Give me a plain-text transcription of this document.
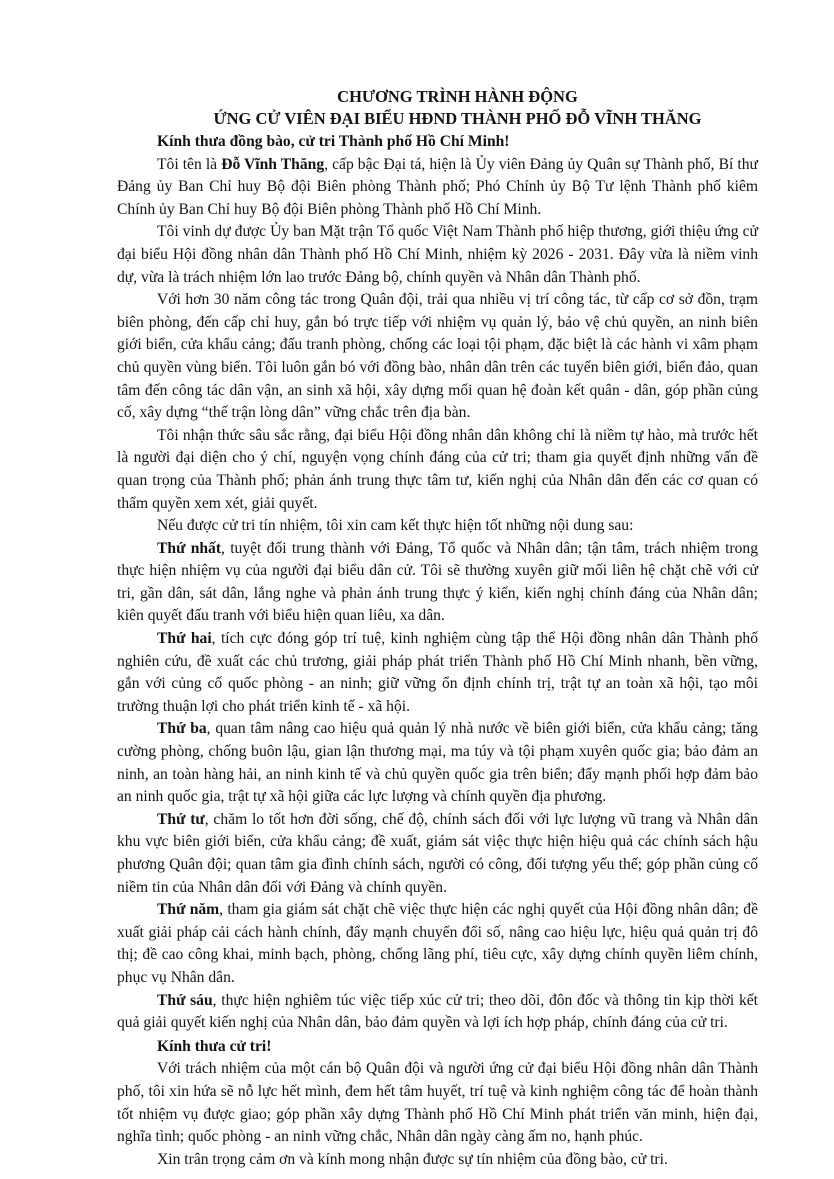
CHƯƠNG TRÌNH HÀNH ĐỘNG
ỨNG CỬ VIÊN ĐẠI BIỂU HĐND THÀNH PHỐ ĐỖ VĨNH THĂNG

Kính thưa đồng bào, cử tri Thành phố Hồ Chí Minh!

Tôi tên là Đỗ Vĩnh Thăng, cấp bậc Đại tá, hiện là Ủy viên Đảng ủy Quân sự Thành phố, Bí thư Đảng ủy Ban Chỉ huy Bộ đội Biên phòng Thành phố; Phó Chính ủy Bộ Tư lệnh Thành phố kiêm Chính ủy Ban Chỉ huy Bộ đội Biên phòng Thành phố Hồ Chí Minh.

Tôi vinh dự được Ủy ban Mặt trận Tổ quốc Việt Nam Thành phố hiệp thương, giới thiệu ứng cử đại biểu Hội đồng nhân dân Thành phố Hồ Chí Minh, nhiệm kỳ 2026 - 2031. Đây vừa là niềm vinh dự, vừa là trách nhiệm lớn lao trước Đảng bộ, chính quyền và Nhân dân Thành phố.

Với hơn 30 năm công tác trong Quân đội, trải qua nhiều vị trí công tác, từ cấp cơ sở đồn, trạm biên phòng, đến cấp chỉ huy, gắn bó trực tiếp với nhiệm vụ quản lý, bảo vệ chủ quyền, an ninh biên giới biển, cửa khẩu cảng; đấu tranh phòng, chống các loại tội phạm, đặc biệt là các hành vi xâm phạm chủ quyền vùng biển. Tôi luôn gắn bó với đồng bào, nhân dân trên các tuyến biên giới, biển đảo, quan tâm đến công tác dân vận, an sinh xã hội, xây dựng mối quan hệ đoàn kết quân - dân, góp phần củng cố, xây dựng “thế trận lòng dân” vững chắc trên địa bàn.

Tôi nhận thức sâu sắc rằng, đại biểu Hội đồng nhân dân không chỉ là niềm tự hào, mà trước hết là người đại diện cho ý chí, nguyện vọng chính đáng của cử tri; tham gia quyết định những vấn đề quan trọng của Thành phố; phản ánh trung thực tâm tư, kiến nghị của Nhân dân đến các cơ quan có thẩm quyền xem xét, giải quyết.

Nếu được cử tri tín nhiệm, tôi xin cam kết thực hiện tốt những nội dung sau:

Thứ nhất, tuyệt đối trung thành với Đảng, Tổ quốc và Nhân dân; tận tâm, trách nhiệm trong thực hiện nhiệm vụ của người đại biểu dân cử. Tôi sẽ thường xuyên giữ mối liên hệ chặt chẽ với cử tri, gần dân, sát dân, lắng nghe và phản ánh trung thực ý kiến, kiến nghị chính đáng của Nhân dân; kiên quyết đấu tranh với biểu hiện quan liêu, xa dân.

Thứ hai, tích cực đóng góp trí tuệ, kinh nghiệm cùng tập thể Hội đồng nhân dân Thành phố nghiên cứu, đề xuất các chủ trương, giải pháp phát triển Thành phố Hồ Chí Minh nhanh, bền vững, gắn với củng cố quốc phòng - an ninh; giữ vững ổn định chính trị, trật tự an toàn xã hội, tạo môi trường thuận lợi cho phát triển kinh tế - xã hội.

Thứ ba, quan tâm nâng cao hiệu quả quản lý nhà nước về biên giới biển, cửa khẩu cảng; tăng cường phòng, chống buôn lậu, gian lận thương mại, ma túy và tội phạm xuyên quốc gia; bảo đảm an ninh, an toàn hàng hải, an ninh kinh tế và chủ quyền quốc gia trên biển; đẩy mạnh phối hợp đảm bảo an ninh quốc gia, trật tự xã hội giữa các lực lượng và chính quyền địa phương.

Thứ tư, chăm lo tốt hơn đời sống, chế độ, chính sách đối với lực lượng vũ trang và Nhân dân khu vực biên giới biển, cửa khẩu cảng; đề xuất, giám sát việc thực hiện hiệu quả các chính sách hậu phương Quân đội; quan tâm gia đình chính sách, người có công, đối tượng yếu thế; góp phần củng cố niềm tin của Nhân dân đối với Đảng và chính quyền.

Thứ năm, tham gia giám sát chặt chẽ việc thực hiện các nghị quyết của Hội đồng nhân dân; đề xuất giải pháp cải cách hành chính, đẩy mạnh chuyển đổi số, nâng cao hiệu lực, hiệu quả quản trị đô thị; đề cao công khai, minh bạch, phòng, chống lãng phí, tiêu cực, xây dựng chính quyền liêm chính, phục vụ Nhân dân.

Thứ sáu, thực hiện nghiêm túc việc tiếp xúc cử tri; theo dõi, đôn đốc và thông tin kịp thời kết quả giải quyết kiến nghị của Nhân dân, bảo đảm quyền và lợi ích hợp pháp, chính đáng của cử tri.

Kính thưa cử tri!

Với trách nhiệm của một cán bộ Quân đội và người ứng cử đại biểu Hội đồng nhân dân Thành phố, tôi xin hứa sẽ nỗ lực hết mình, đem hết tâm huyết, trí tuệ và kinh nghiệm công tác để hoàn thành tốt nhiệm vụ được giao; góp phần xây dựng Thành phố Hồ Chí Minh phát triển văn minh, hiện đại, nghĩa tình; quốc phòng - an ninh vững chắc, Nhân dân ngày càng ấm no, hạnh phúc.

Xin trân trọng cảm ơn và kính mong nhận được sự tín nhiệm của đồng bào, cử tri.
